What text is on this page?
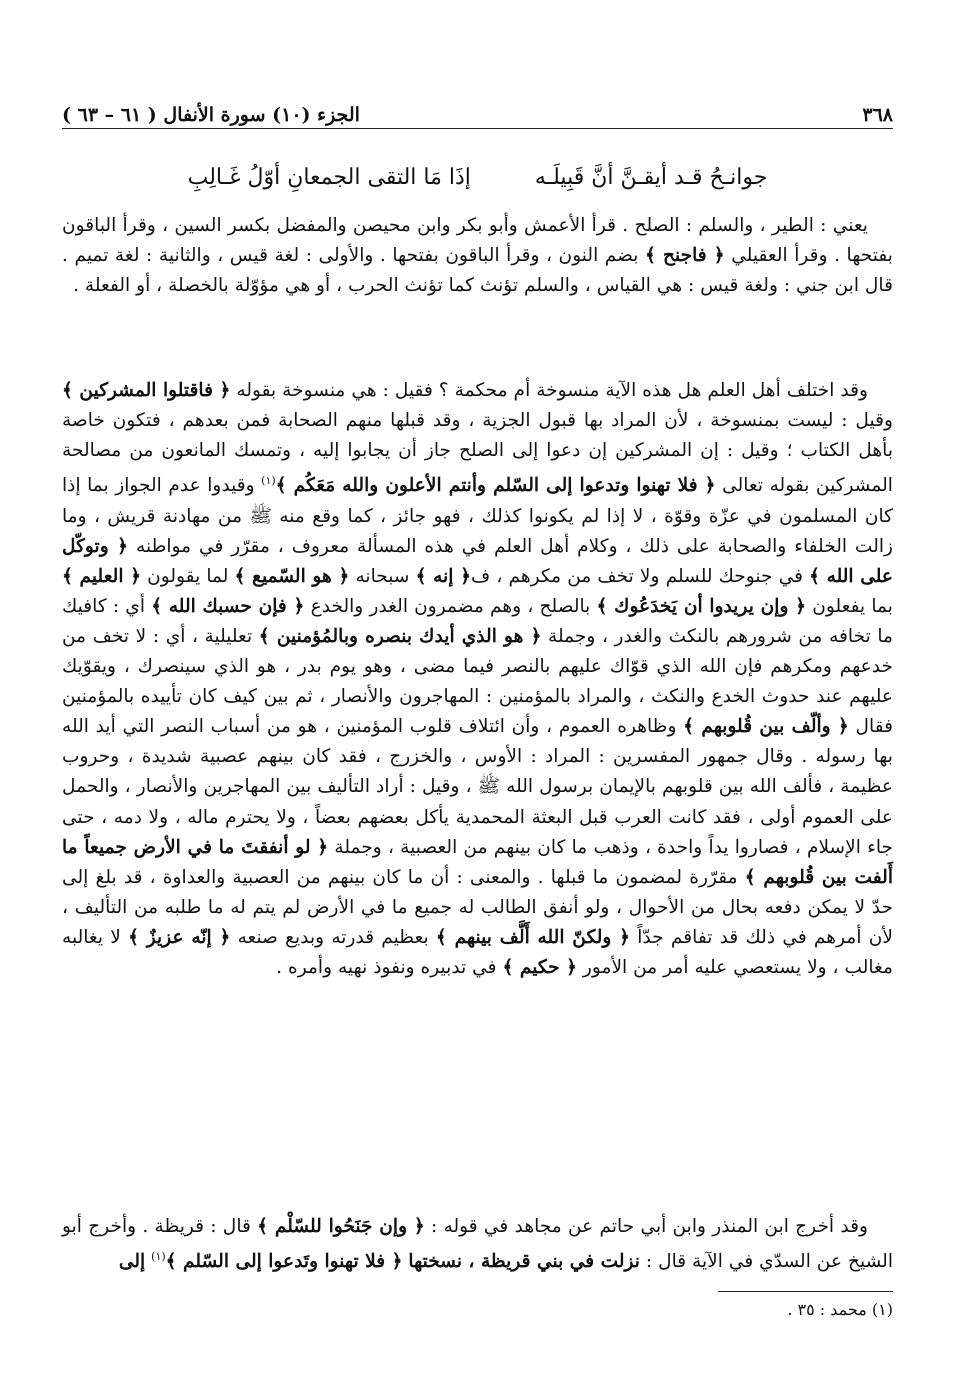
٣٦٨
الجزء (١٠) سورة الأنفال ( ٦١ – ٦٣ )
جوانـحُ قـد أيقـنَّ أنَّ قَبِيلَـه
إذَا مَا التقى الجمعانِ أوّلُ غَـالِبِ
يعني : الطير ، والسلم : الصلح . قرأ الأعمش وأبو بكر وابن محيصن والمفضل بكسر السين ، وقرأ الباقون بفتحها . وقرأ العقيلي ﴿ فاجنح ﴾ بضم النون ، وقرأ الباقون بفتحها . والأولى : لغة قيس ، والثانية : لغة تميم . قال ابن جني : ولغة قيس : هي القياس ، والسلم تؤنث كما تؤنث الحرب ، أو هي مؤوّلة بالخصلة ، أو الفعلة .
وقد اختلف أهل العلم هل هذه الآية منسوخة أم محكمة ؟ فقيل : هي منسوخة بقوله ﴿ فاقتلوا المشركين ﴾ وقيل : ليست بمنسوخة ، لأن المراد بها قبول الجزية ، وقد قبلها منهم الصحابة فمن بعدهم ، فتكون خاصة بأهل الكتاب ؛ وقيل : إن المشركين إن دعوا إلى الصلح جاز أن يجابوا إليه ، وتمسك المانعون من مصالحة المشركين بقوله تعالى ﴿ فلا تهنوا وتدعوا إلى السّلم وأنتم الأعلون والله مَعَكُم ﴾$^{(١)}$ وقيدوا عدم الجواز بما إذا كان المسلمون في عزّة وقوّة ، لا إذا لم يكونوا كذلك ، فهو جائز ، كما وقع منه ﷺ من مهادنة قريش ، وما زالت الخلفاء والصحابة على ذلك ، وكلام أهل العلم في هذه المسألة معروف ، مقرّر في مواطنه ﴿ وتوكّل على الله ﴾ في جنوحك للسلم ولا تخف من مكرهم ، ف﴿ إنه ﴾ سبحانه ﴿ هو السّميع ﴾ لما يقولون ﴿ العليم ﴾ بما يفعلون ﴿ وإن يريدوا أن يَخدَعُوك ﴾ بالصلح ، وهم مضمرون الغدر والخدع ﴿ فإن حسبك الله ﴾ أي : كافيك ما تخافه من شرورهم بالنكث والغدر ، وجملة ﴿ هو الذي أيدك بنصره وبالمُؤمنين ﴾ تعليلية ، أي : لا تخف من خدعهم ومكرهم فإن الله الذي قوّاك عليهم بالنصر فيما مضى ، وهو يوم بدر ، هو الذي سينصرك ، ويقوّيك عليهم عند حدوث الخدع والنكث ، والمراد بالمؤمنين : المهاجرون والأنصار ، ثم بين كيف كان تأييده بالمؤمنين فقال ﴿ وألّف بين قُلوبهم ﴾ وظاهره العموم ، وأن ائتلاف قلوب المؤمنين ، هو من أسباب النصر التي أيد الله بها رسوله . وقال جمهور المفسرين : المراد : الأوس ، والخزرج ، فقد كان بينهم عصبية شديدة ، وحروب عظيمة ، فألف الله بين قلوبهم بالإيمان برسول الله ﷺ ، وقيل : أراد التأليف بين المهاجرين والأنصار ، والحمل على العموم أولى ، فقد كانت العرب قبل البعثة المحمدية يأكل بعضهم بعضاً ، ولا يحترم ماله ، ولا دمه ، حتى جاء الإسلام ، فصاروا يداً واحدة ، وذهب ما كان بينهم من العصبية ، وجملة ﴿ لو أنفقتَ ما في الأرض جميعاً ما أَلفت بين قُلوبهم ﴾ مقرّرة لمضمون ما قبلها . والمعنى : أن ما كان بينهم من العصبية والعداوة ، قد بلغ إلى حدّ لا يمكن دفعه بحال من الأحوال ، ولو أنفق الطالب له جميع ما في الأرض لم يتم له ما طلبه من التأليف ، لأن أمرهم في ذلك قد تفاقم جدّاً ﴿ ولكنّ الله أَلَّف بينهم ﴾ بعظيم قدرته وبديع صنعه ﴿ إنّه عزيزٌ ﴾ لا يغالبه مغالب ، ولا يستعصي عليه أمر من الأمور ﴿ حكيم ﴾ في تدبيره ونفوذ نهيه وأمره .
وقد أخرج ابن المنذر وابن أبي حاتم عن مجاهد في قوله : ﴿ وإن جَنَحُوا للسّلْم ﴾ قال : قريظة . وأخرج أبو الشيخ عن السدّي في الآية قال : نزلت في بني قريظة ، نسختها ﴿ فلا تهنوا وتَدعوا إلى السّلم ﴾$^{(١)}$ إلى
(١) محمد : ٣٥ .
